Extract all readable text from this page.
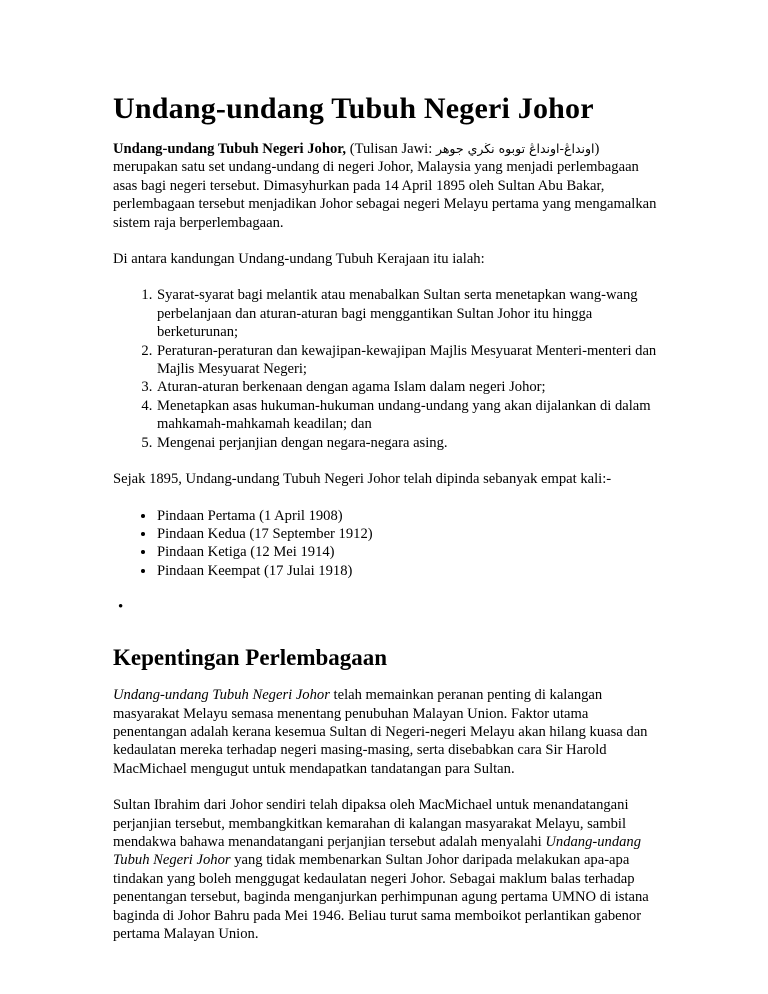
Undang-undang Tubuh Negeri Johor

Undang-undang Tubuh Negeri Johor, (Tulisan Jawi: اونداڠ-اونداڠ توبوه نڬري جوهر) merupakan satu set undang-undang di negeri Johor, Malaysia yang menjadi perlembagaan asas bagi negeri tersebut. Dimasyhurkan pada 14 April 1895 oleh Sultan Abu Bakar, perlembagaan tersebut menjadikan Johor sebagai negeri Melayu pertama yang mengamalkan sistem raja berperlembagaan.

Di antara kandungan Undang-undang Tubuh Kerajaan itu ialah:

1. Syarat-syarat bagi melantik atau menabalkan Sultan serta menetapkan wang-wang perbelanjaan dan aturan-aturan bagi menggantikan Sultan Johor itu hingga berketurunan;
2. Peraturan-peraturan dan kewajipan-kewajipan Majlis Mesyuarat Menteri-menteri dan Majlis Mesyuarat Negeri;
3. Aturan-aturan berkenaan dengan agama Islam dalam negeri Johor;
4. Menetapkan asas hukuman-hukuman undang-undang yang akan dijalankan di dalam mahkamah-mahkamah keadilan; dan
5. Mengenai perjanjian dengan negara-negara asing.

Sejak 1895, Undang-undang Tubuh Negeri Johor telah dipinda sebanyak empat kali:-

• Pindaan Pertama (1 April 1908)
• Pindaan Kedua (17 September 1912)
• Pindaan Ketiga (12 Mei 1914)
• Pindaan Keempat (17 Julai 1918)
•
Kepentingan Perlembagaan

Undang-undang Tubuh Negeri Johor telah memainkan peranan penting di kalangan masyarakat Melayu semasa menentang penubuhan Malayan Union. Faktor utama penentangan adalah kerana kesemua Sultan di Negeri-negeri Melayu akan hilang kuasa dan kedaulatan mereka terhadap negeri masing-masing, serta disebabkan cara Sir Harold MacMichael mengugut untuk mendapatkan tandatangan para Sultan.

Sultan Ibrahim dari Johor sendiri telah dipaksa oleh MacMichael untuk menandatangani perjanjian tersebut, membangkitkan kemarahan di kalangan masyarakat Melayu, sambil mendakwa bahawa menandatangani perjanjian tersebut adalah menyalahi Undang-undang Tubuh Negeri Johor yang tidak membenarkan Sultan Johor daripada melakukan apa-apa tindakan yang boleh menggugat kedaulatan negeri Johor. Sebagai maklum balas terhadap penentangan tersebut, baginda menganjurkan perhimpunan agung pertama UMNO di istana baginda di Johor Bahru pada Mei 1946. Beliau turut sama memboikot perlantikan gabenor pertama Malayan Union.
